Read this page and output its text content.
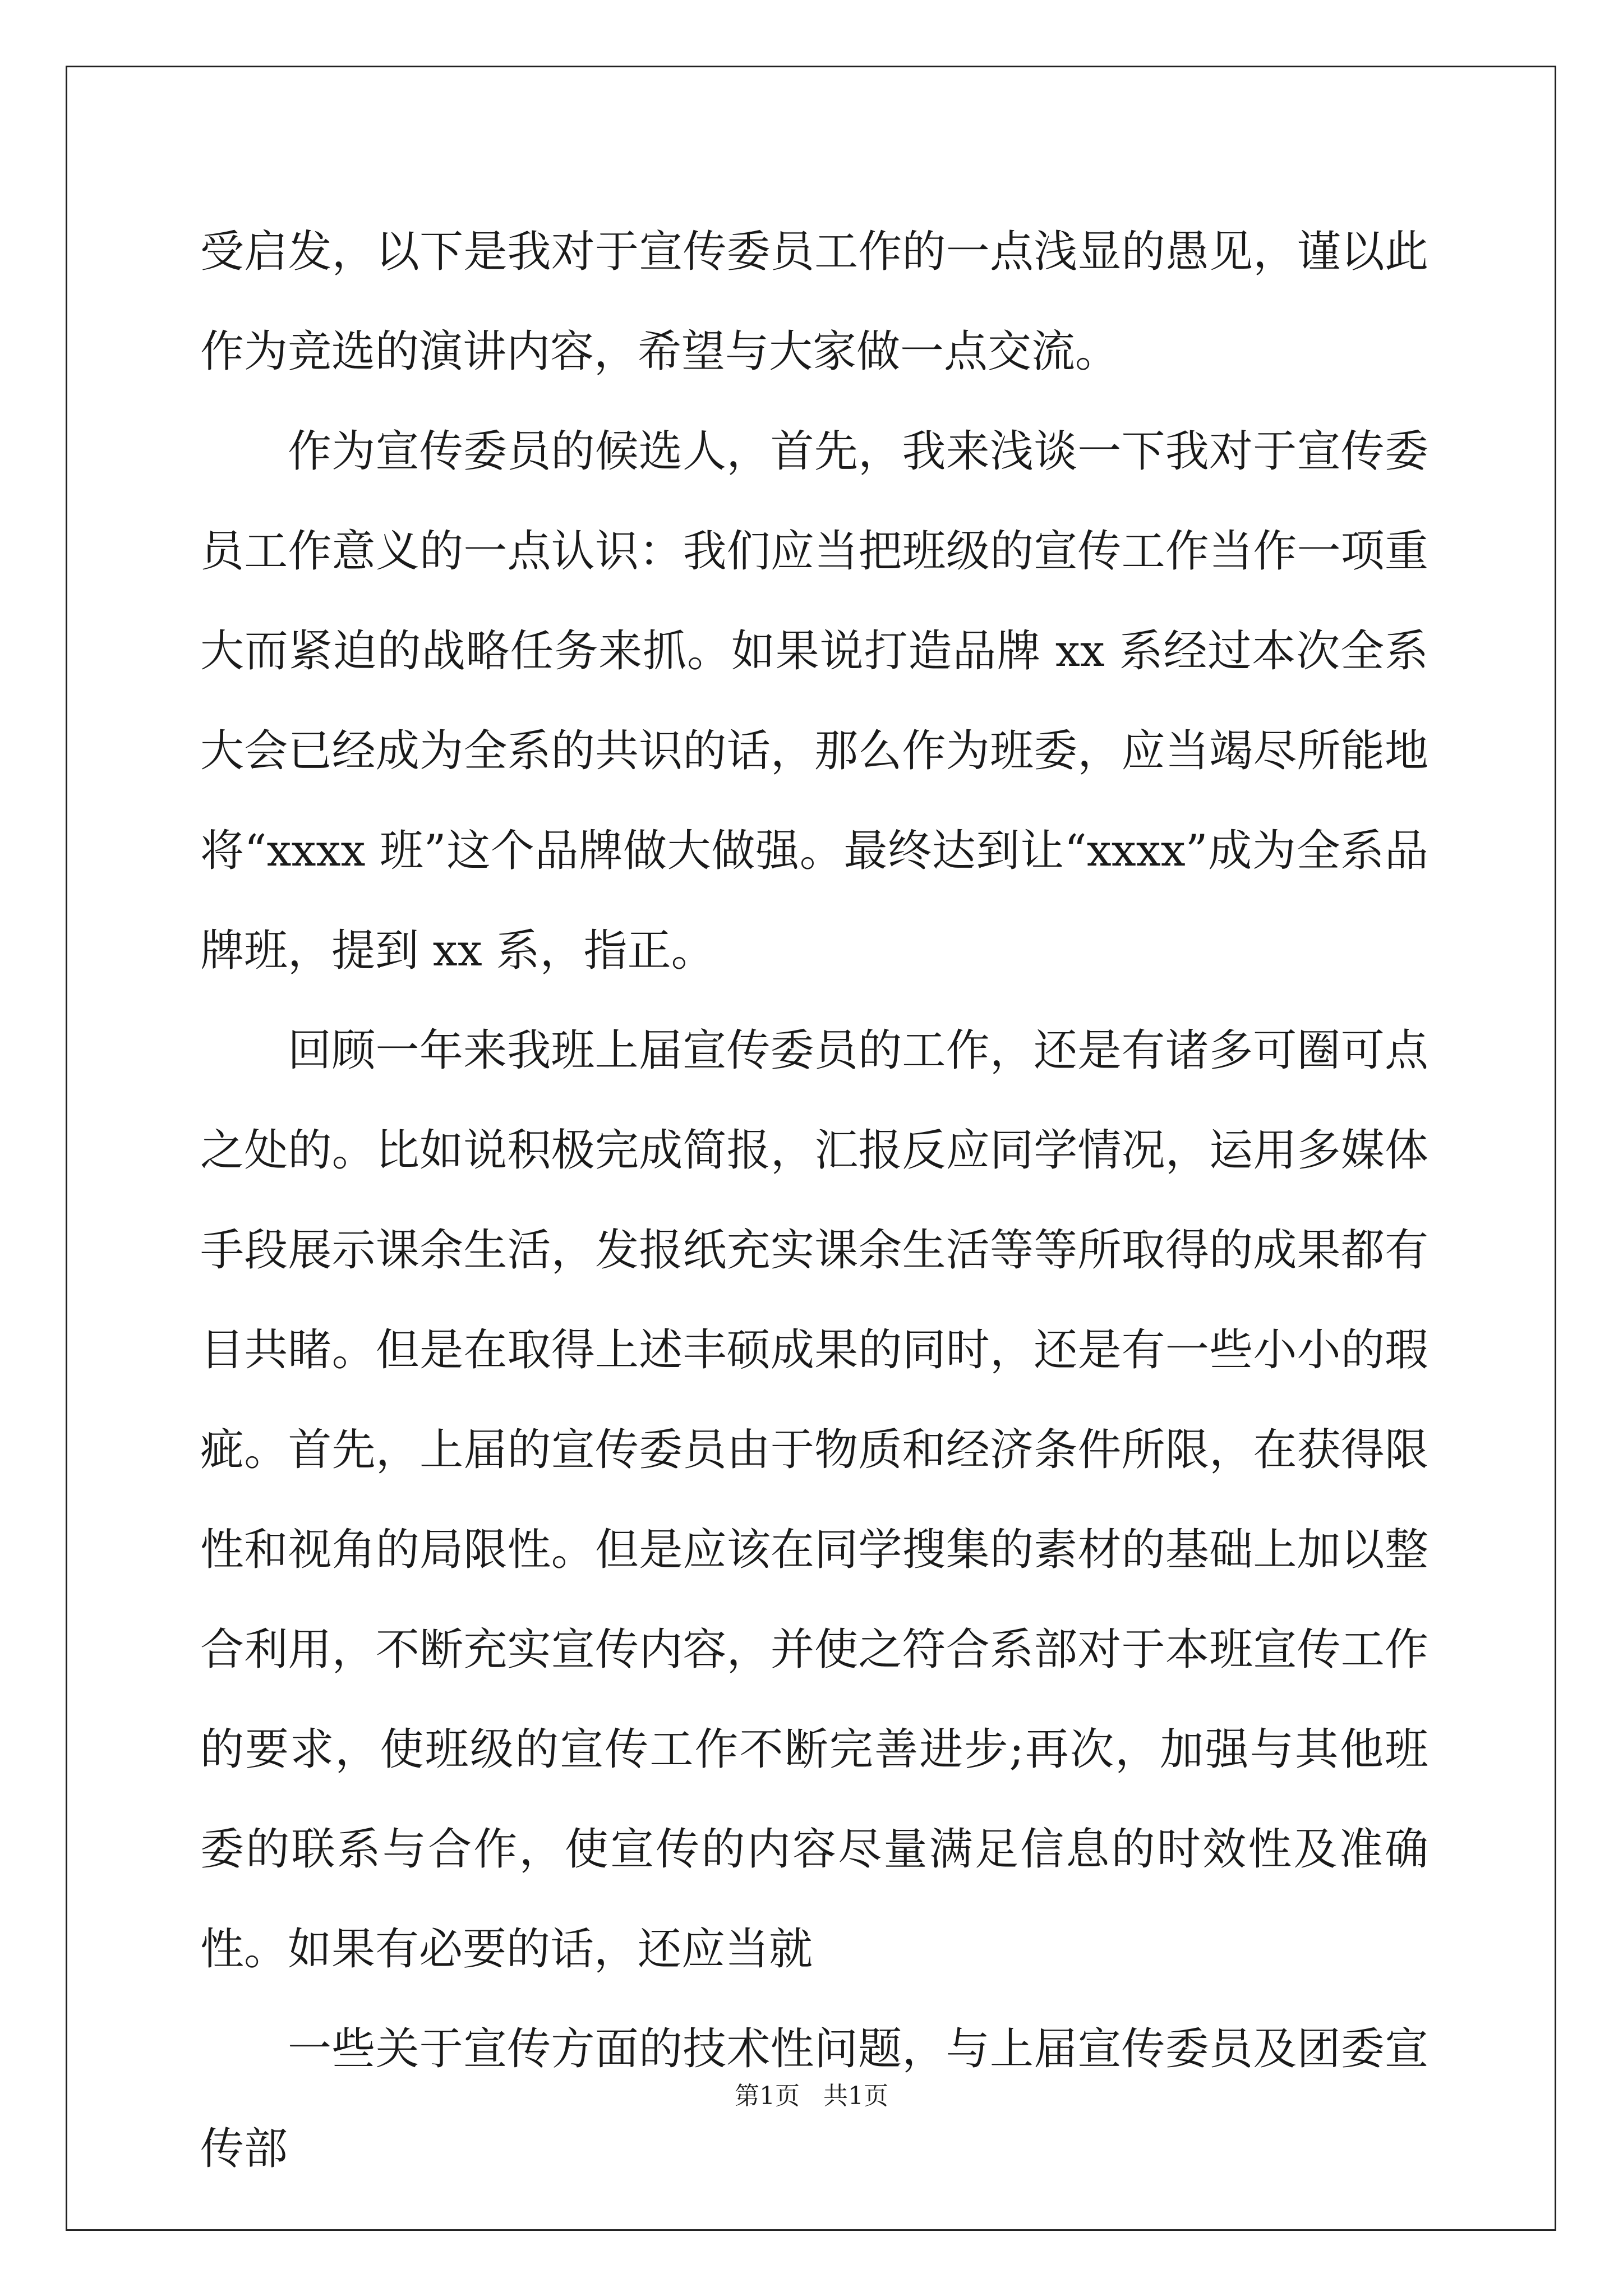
受启发，以下是我对于宣传委员工作的一点浅显的愚见，谨以此作为竞选的演讲内容，希望与大家做一点交流。

作为宣传委员的候选人，首先，我来浅谈一下我对于宣传委员工作意义的一点认识：我们应当把班级的宣传工作当作一项重大而紧迫的战略任务来抓。如果说打造品牌 xx 系经过本次全系大会已经成为全系的共识的话，那么作为班委，应当竭尽所能地将“xxxx 班”这个品牌做大做强。最终达到让“xxxx”成为全系品牌班，提到 xx 系，指正。

回顾一年来我班上届宣传委员的工作，还是有诸多可圈可点之处的。比如说积极完成简报，汇报反应同学情况，运用多媒体手段展示课余生活，发报纸充实课余生活等等所取得的成果都有目共睹。但是在取得上述丰硕成果的同时，还是有一些小小的瑕疵。首先，上届的宣传委员由于物质和经济条件所限，在获得限性和视角的局限性。但是应该在同学搜集的素材的基础上加以整合利用，不断充实宣传内容，并使之符合系部对于本班宣传工作的要求，使班级的宣传工作不断完善进步;再次，加强与其他班委的联系与合作，使宣传的内容尽量满足信息的时效性及准确性。如果有必要的话，还应当就

一些关于宣传方面的技术性问题，与上届宣传委员及团委宣传部

第1页 共1页
